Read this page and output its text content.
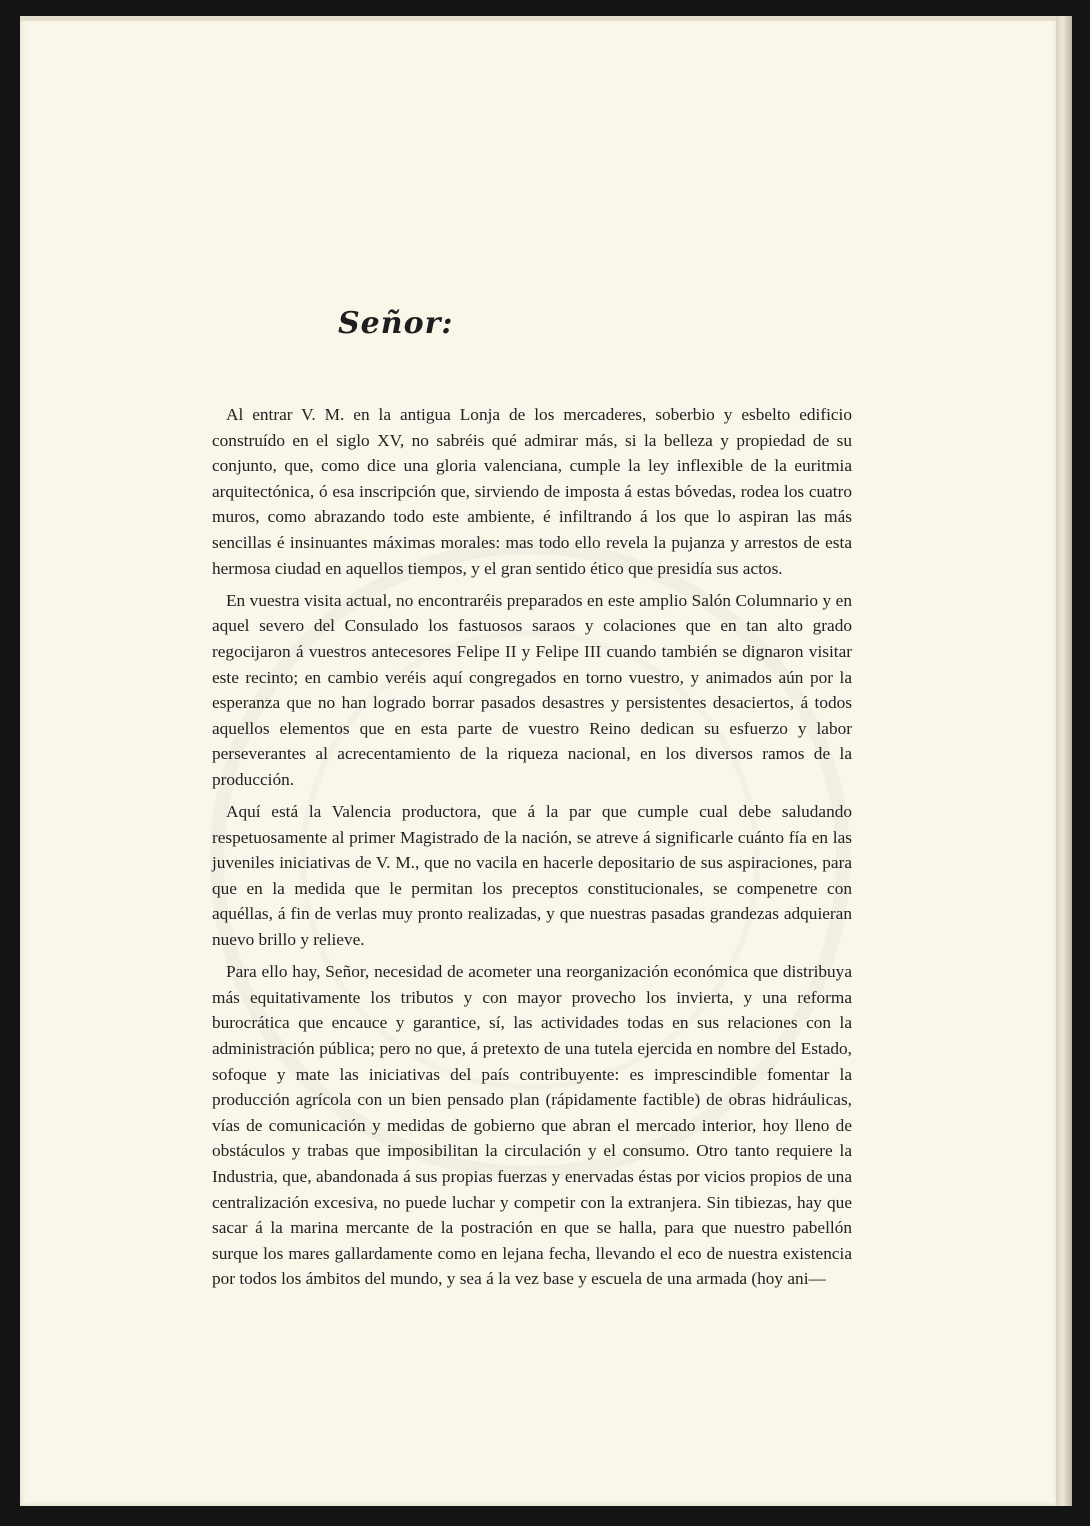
Señor:

Al entrar V. M. en la antigua Lonja de los mercaderes, soberbio y esbelto edificio construído en el siglo XV, no sabréis qué admirar más, si la belleza y propiedad de su conjunto, que, como dice una gloria valenciana, cumple la ley inflexible de la euritmia arquitectónica, ó esa inscripción que, sirviendo de imposta á estas bóvedas, rodea los cuatro muros, como abrazando todo este ambiente, é infiltrando á los que lo aspiran las más sencillas é insinuantes máximas morales: mas todo ello revela la pujanza y arrestos de esta hermosa ciudad en aquellos tiempos, y el gran sentido ético que presidía sus actos.

En vuestra visita actual, no encontraréis preparados en este amplio Salón Columnario y en aquel severo del Consulado los fastuosos saraos y colaciones que en tan alto grado regocijaron á vuestros antecesores Felipe II y Felipe III cuando también se dignaron visitar este recinto; en cambio veréis aquí congregados en torno vuestro, y animados aún por la esperanza que no han logrado borrar pasados desastres y persistentes desaciertos, á todos aquellos elementos que en esta parte de vuestro Reino dedican su esfuerzo y labor perseverantes al acrecentamiento de la riqueza nacional, en los diversos ramos de la producción.

Aquí está la Valencia productora, que á la par que cumple cual debe saludando respetuosamente al primer Magistrado de la nación, se atreve á significarle cuánto fía en las juveniles iniciativas de V. M., que no vacila en hacerle depositario de sus aspiraciones, para que en la medida que le permitan los preceptos constitucionales, se compenetre con aquéllas, á fin de verlas muy pronto realizadas, y que nuestras pasadas grandezas adquieran nuevo brillo y relieve.

Para ello hay, Señor, necesidad de acometer una reorganización económica que distribuya más equitativamente los tributos y con mayor provecho los invierta, y una reforma burocrática que encauce y garantice, sí, las actividades todas en sus relaciones con la administración pública; pero no que, á pretexto de una tutela ejercida en nombre del Estado, sofoque y mate las iniciativas del país contribuyente: es imprescindible fomentar la producción agrícola con un bien pensado plan (rápidamente factible) de obras hidráulicas, vías de comunicación y medidas de gobierno que abran el mercado interior, hoy lleno de obstáculos y trabas que imposibilitan la circulación y el consumo. Otro tanto requiere la Industria, que, abandonada á sus propias fuerzas y enervadas éstas por vicios propios de una centralización excesiva, no puede luchar y competir con la extranjera. Sin tibiezas, hay que sacar á la marina mercante de la postración en que se halla, para que nuestro pabellón surque los mares gallardamente como en lejana fecha, llevando el eco de nuestra existencia por todos los ámbitos del mundo, y sea á la vez base y escuela de una armada (hoy ani—
